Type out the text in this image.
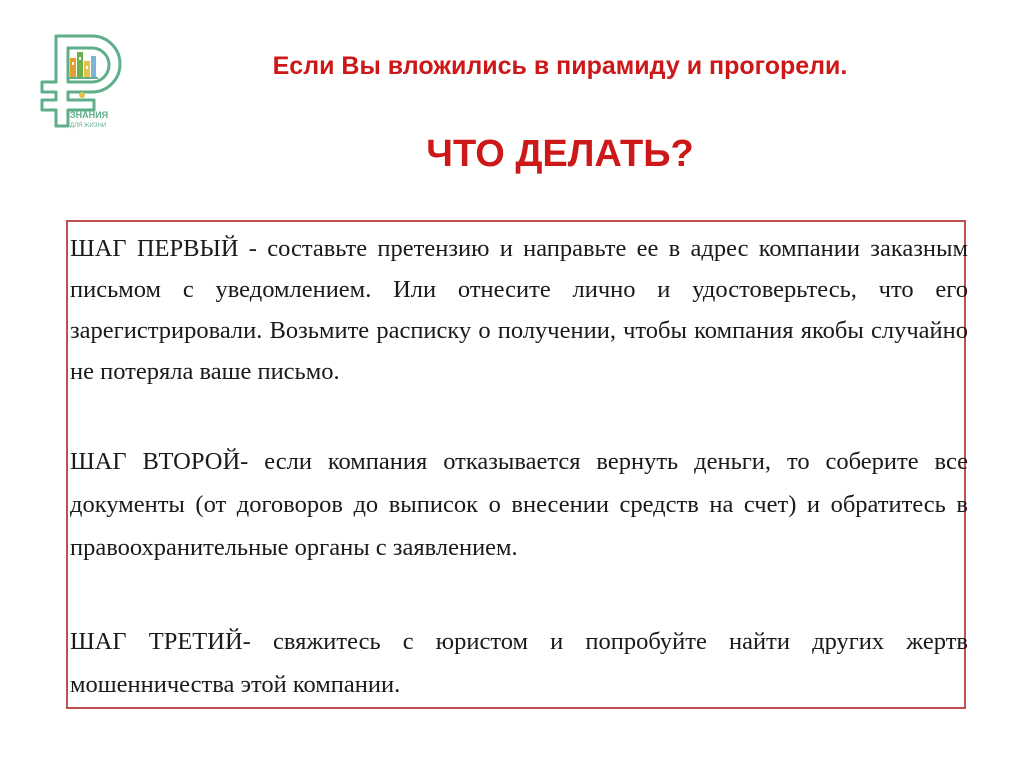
ЗНАНИЯ
ДЛЯ ЖИЗНИ
Если Вы вложились в пирамиду и прогорели.
ЧТО ДЕЛАТЬ?
ШАГ ПЕРВЫЙ - составьте претензию и направьте ее в адрес компании заказным письмом с уведомлением. Или отнесите лично и удостоверьтесь, что его зарегистрировали. Возьмите расписку о получении, чтобы компания якобы случайно не потеряла ваше письмо.
ШАГ ВТОРОЙ- если компания отказывается вернуть деньги, то соберите все документы (от договоров до выписок о внесении средств на счет) и обратитесь в правоохранительные органы с заявлением.
ШАГ ТРЕТИЙ- свяжитесь с юристом и попробуйте найти других жертв мошенничества этой компании.
